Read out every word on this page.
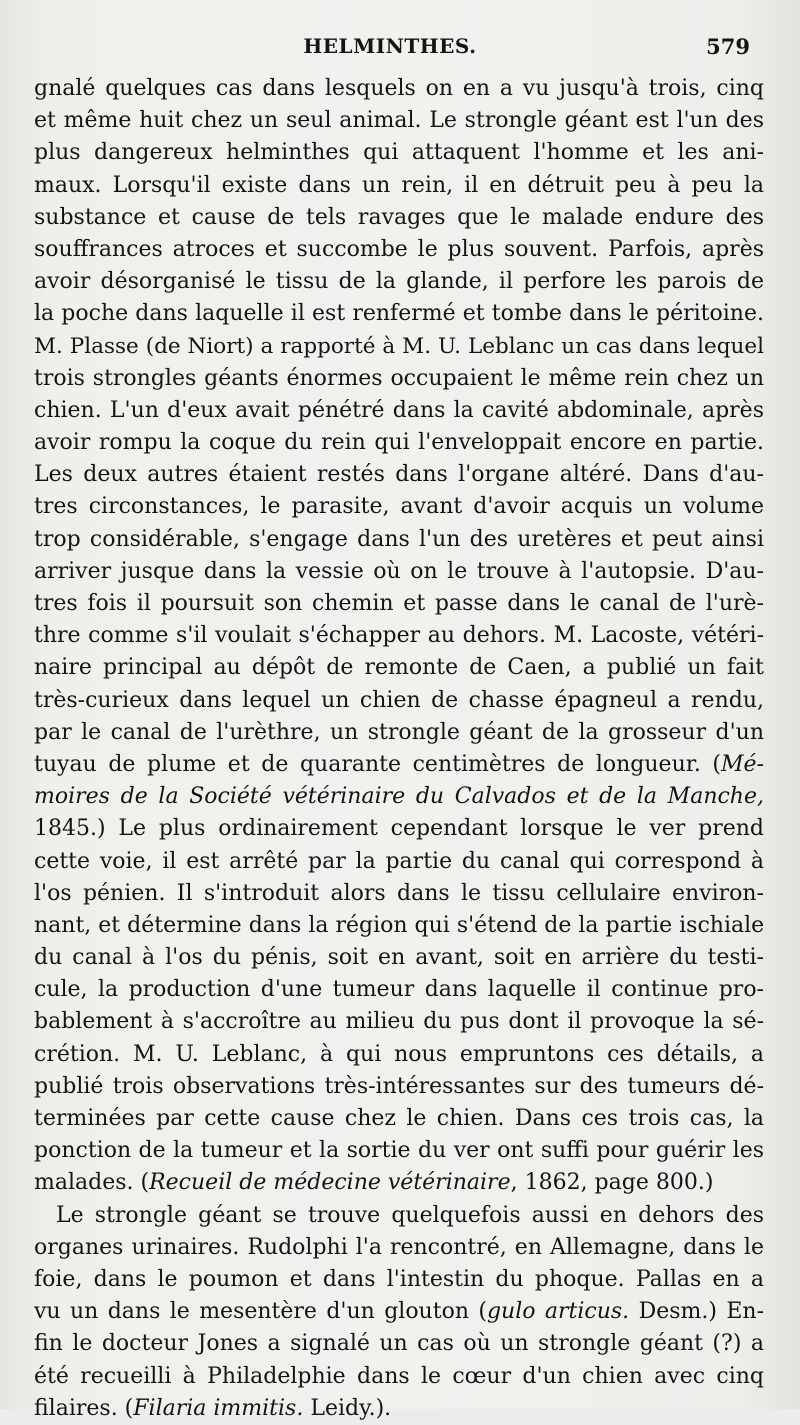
HELMINTHES.	579
gnalé quelques cas dans lesquels on en a vu jusqu'à trois, cinq
et même huit chez un seul animal. Le strongle géant est l'un des
plus dangereux helminthes qui attaquent l'homme et les ani-
maux. Lorsqu'il existe dans un rein, il en détruit peu à peu la
substance et cause de tels ravages que le malade endure des
souffrances atroces et succombe le plus souvent. Parfois, après
avoir désorganisé le tissu de la glande, il perfore les parois de
la poche dans laquelle il est renfermé et tombe dans le péritoine.
M. Plasse (de Niort) a rapporté à M. U. Leblanc un cas dans lequel
trois strongles géants énormes occupaient le même rein chez un
chien. L'un d'eux avait pénétré dans la cavité abdominale, après
avoir rompu la coque du rein qui l'enveloppait encore en partie.
Les deux autres étaient restés dans l'organe altéré. Dans d'au-
tres circonstances, le parasite, avant d'avoir acquis un volume
trop considérable, s'engage dans l'un des uretères et peut ainsi
arriver jusque dans la vessie où on le trouve à l'autopsie. D'au-
tres fois il poursuit son chemin et passe dans le canal de l'urè-
thre comme s'il voulait s'échapper au dehors. M. Lacoste, vétéri-
naire principal au dépôt de remonte de Caen, a publié un fait
très-curieux dans lequel un chien de chasse épagneul a rendu,
par le canal de l'urèthre, un strongle géant de la grosseur d'un
tuyau de plume et de quarante centimètres de longueur. (Mé-
moires de la Société vétérinaire du Calvados et de la Manche,
1845.) Le plus ordinairement cependant lorsque le ver prend
cette voie, il est arrêté par la partie du canal qui correspond à
l'os pénien. Il s'introduit alors dans le tissu cellulaire environ-
nant, et détermine dans la région qui s'étend de la partie ischiale
du canal à l'os du pénis, soit en avant, soit en arrière du testi-
cule, la production d'une tumeur dans laquelle il continue pro-
bablement à s'accroître au milieu du pus dont il provoque la sé-
crétion. M. U. Leblanc, à qui nous empruntons ces détails, a
publié trois observations très-intéressantes sur des tumeurs dé-
terminées par cette cause chez le chien. Dans ces trois cas, la
ponction de la tumeur et la sortie du ver ont suffi pour guérir les
malades. (Recueil de médecine vétérinaire, 1862, page 800.)
Le strongle géant se trouve quelquefois aussi en dehors des
organes urinaires. Rudolphi l'a rencontré, en Allemagne, dans le
foie, dans le poumon et dans l'intestin du phoque. Pallas en a
vu un dans le mesentère d'un glouton (gulo articus. Desm.) En-
fin le docteur Jones a signalé un cas où un strongle géant (?) a
été recueilli à Philadelphie dans le cœur d'un chien avec cinq
filaires. (Filaria immitis. Leidy.).
